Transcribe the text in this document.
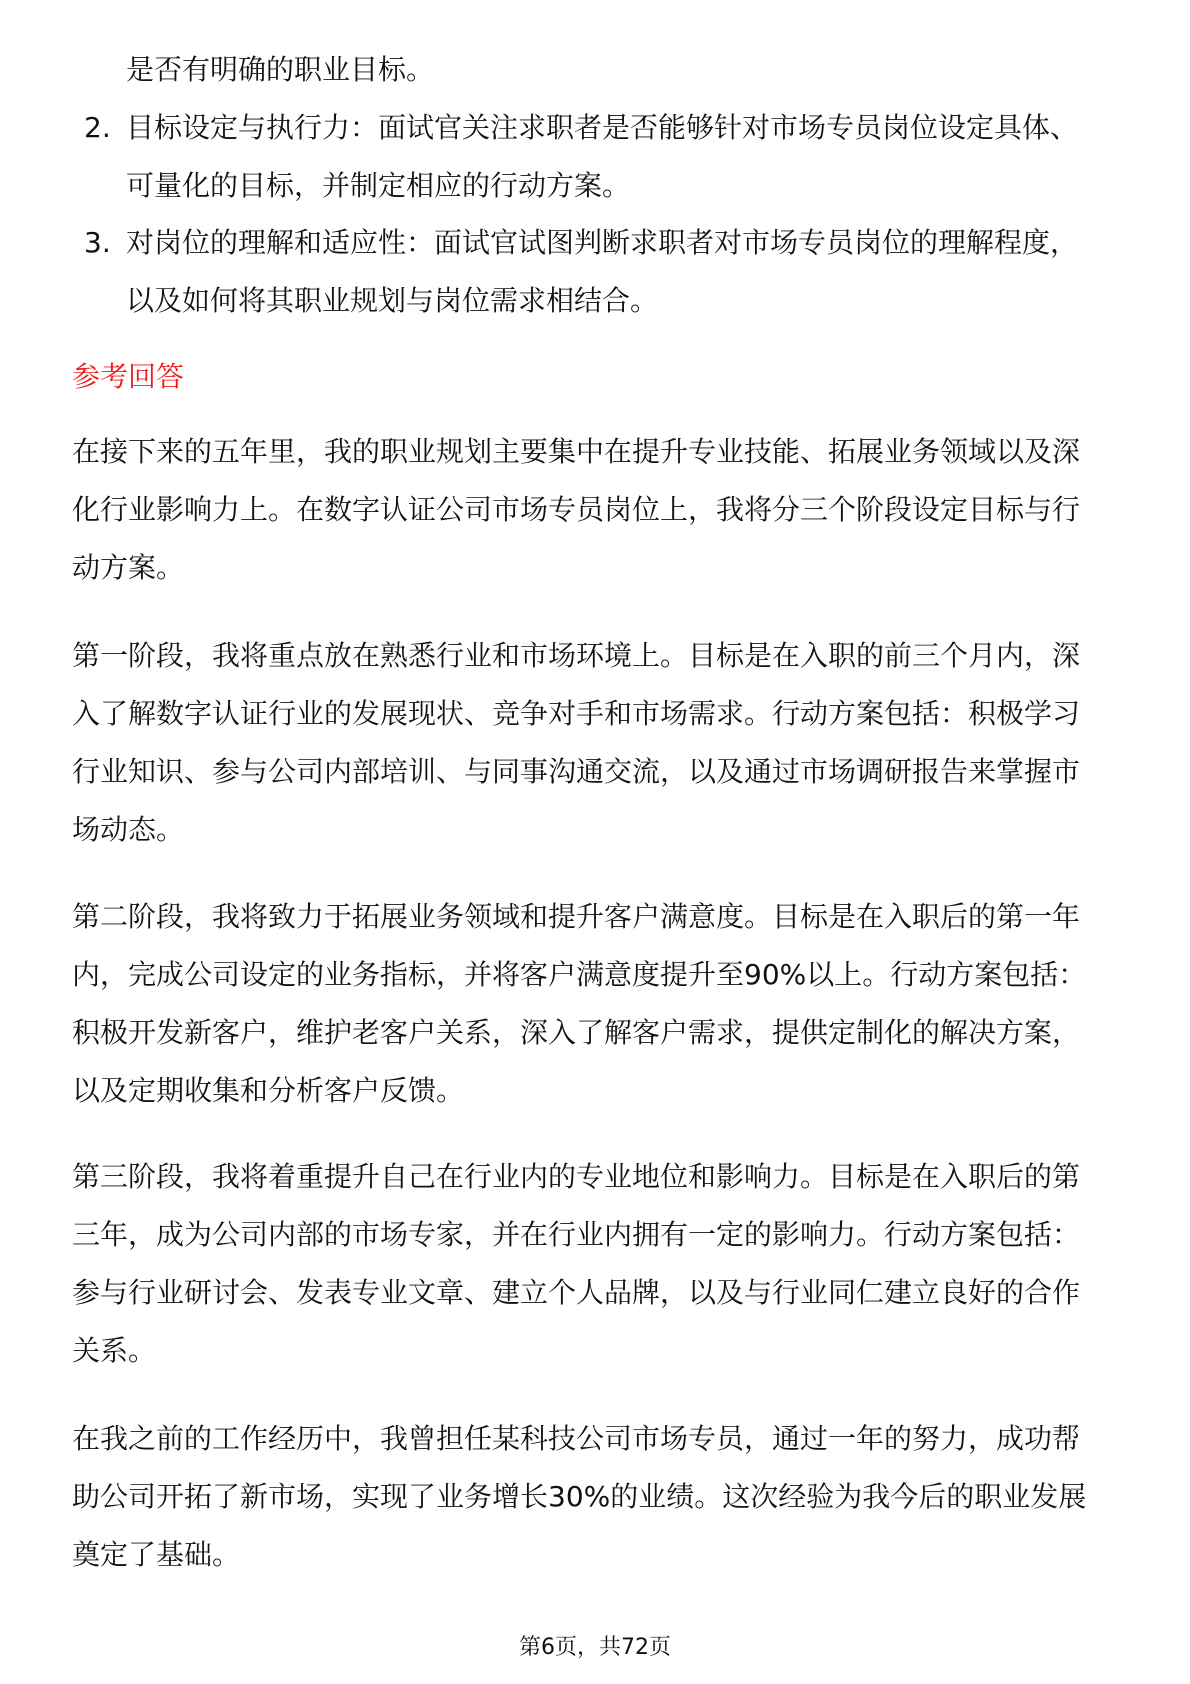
是否有明确的职业目标。
2. 目标设定与执行力：面试官关注求职者是否能够针对市场专员岗位设定具体、
可量化的目标，并制定相应的行动方案。
3. 对岗位的理解和适应性：面试官试图判断求职者对市场专员岗位的理解程度，
以及如何将其职业规划与岗位需求相结合。
参考回答
在接下来的五年里，我的职业规划主要集中在提升专业技能、拓展业务领域以及深
化行业影响力上。在数字认证公司市场专员岗位上，我将分三个阶段设定目标与行
动方案。
第一阶段，我将重点放在熟悉行业和市场环境上。目标是在入职的前三个月内，深
入了解数字认证行业的发展现状、竞争对手和市场需求。行动方案包括：积极学习
行业知识、参与公司内部培训、与同事沟通交流，以及通过市场调研报告来掌握市
场动态。
第二阶段，我将致力于拓展业务领域和提升客户满意度。目标是在入职后的第一年
内，完成公司设定的业务指标，并将客户满意度提升至90%以上。行动方案包括：
积极开发新客户，维护老客户关系，深入了解客户需求，提供定制化的解决方案，
以及定期收集和分析客户反馈。
第三阶段，我将着重提升自己在行业内的专业地位和影响力。目标是在入职后的第
三年，成为公司内部的市场专家，并在行业内拥有一定的影响力。行动方案包括：
参与行业研讨会、发表专业文章、建立个人品牌，以及与行业同仁建立良好的合作
关系。
在我之前的工作经历中，我曾担任某科技公司市场专员，通过一年的努力，成功帮
助公司开拓了新市场，实现了业务增长30%的业绩。这次经验为我今后的职业发展
奠定了基础。
第6页，共72页
